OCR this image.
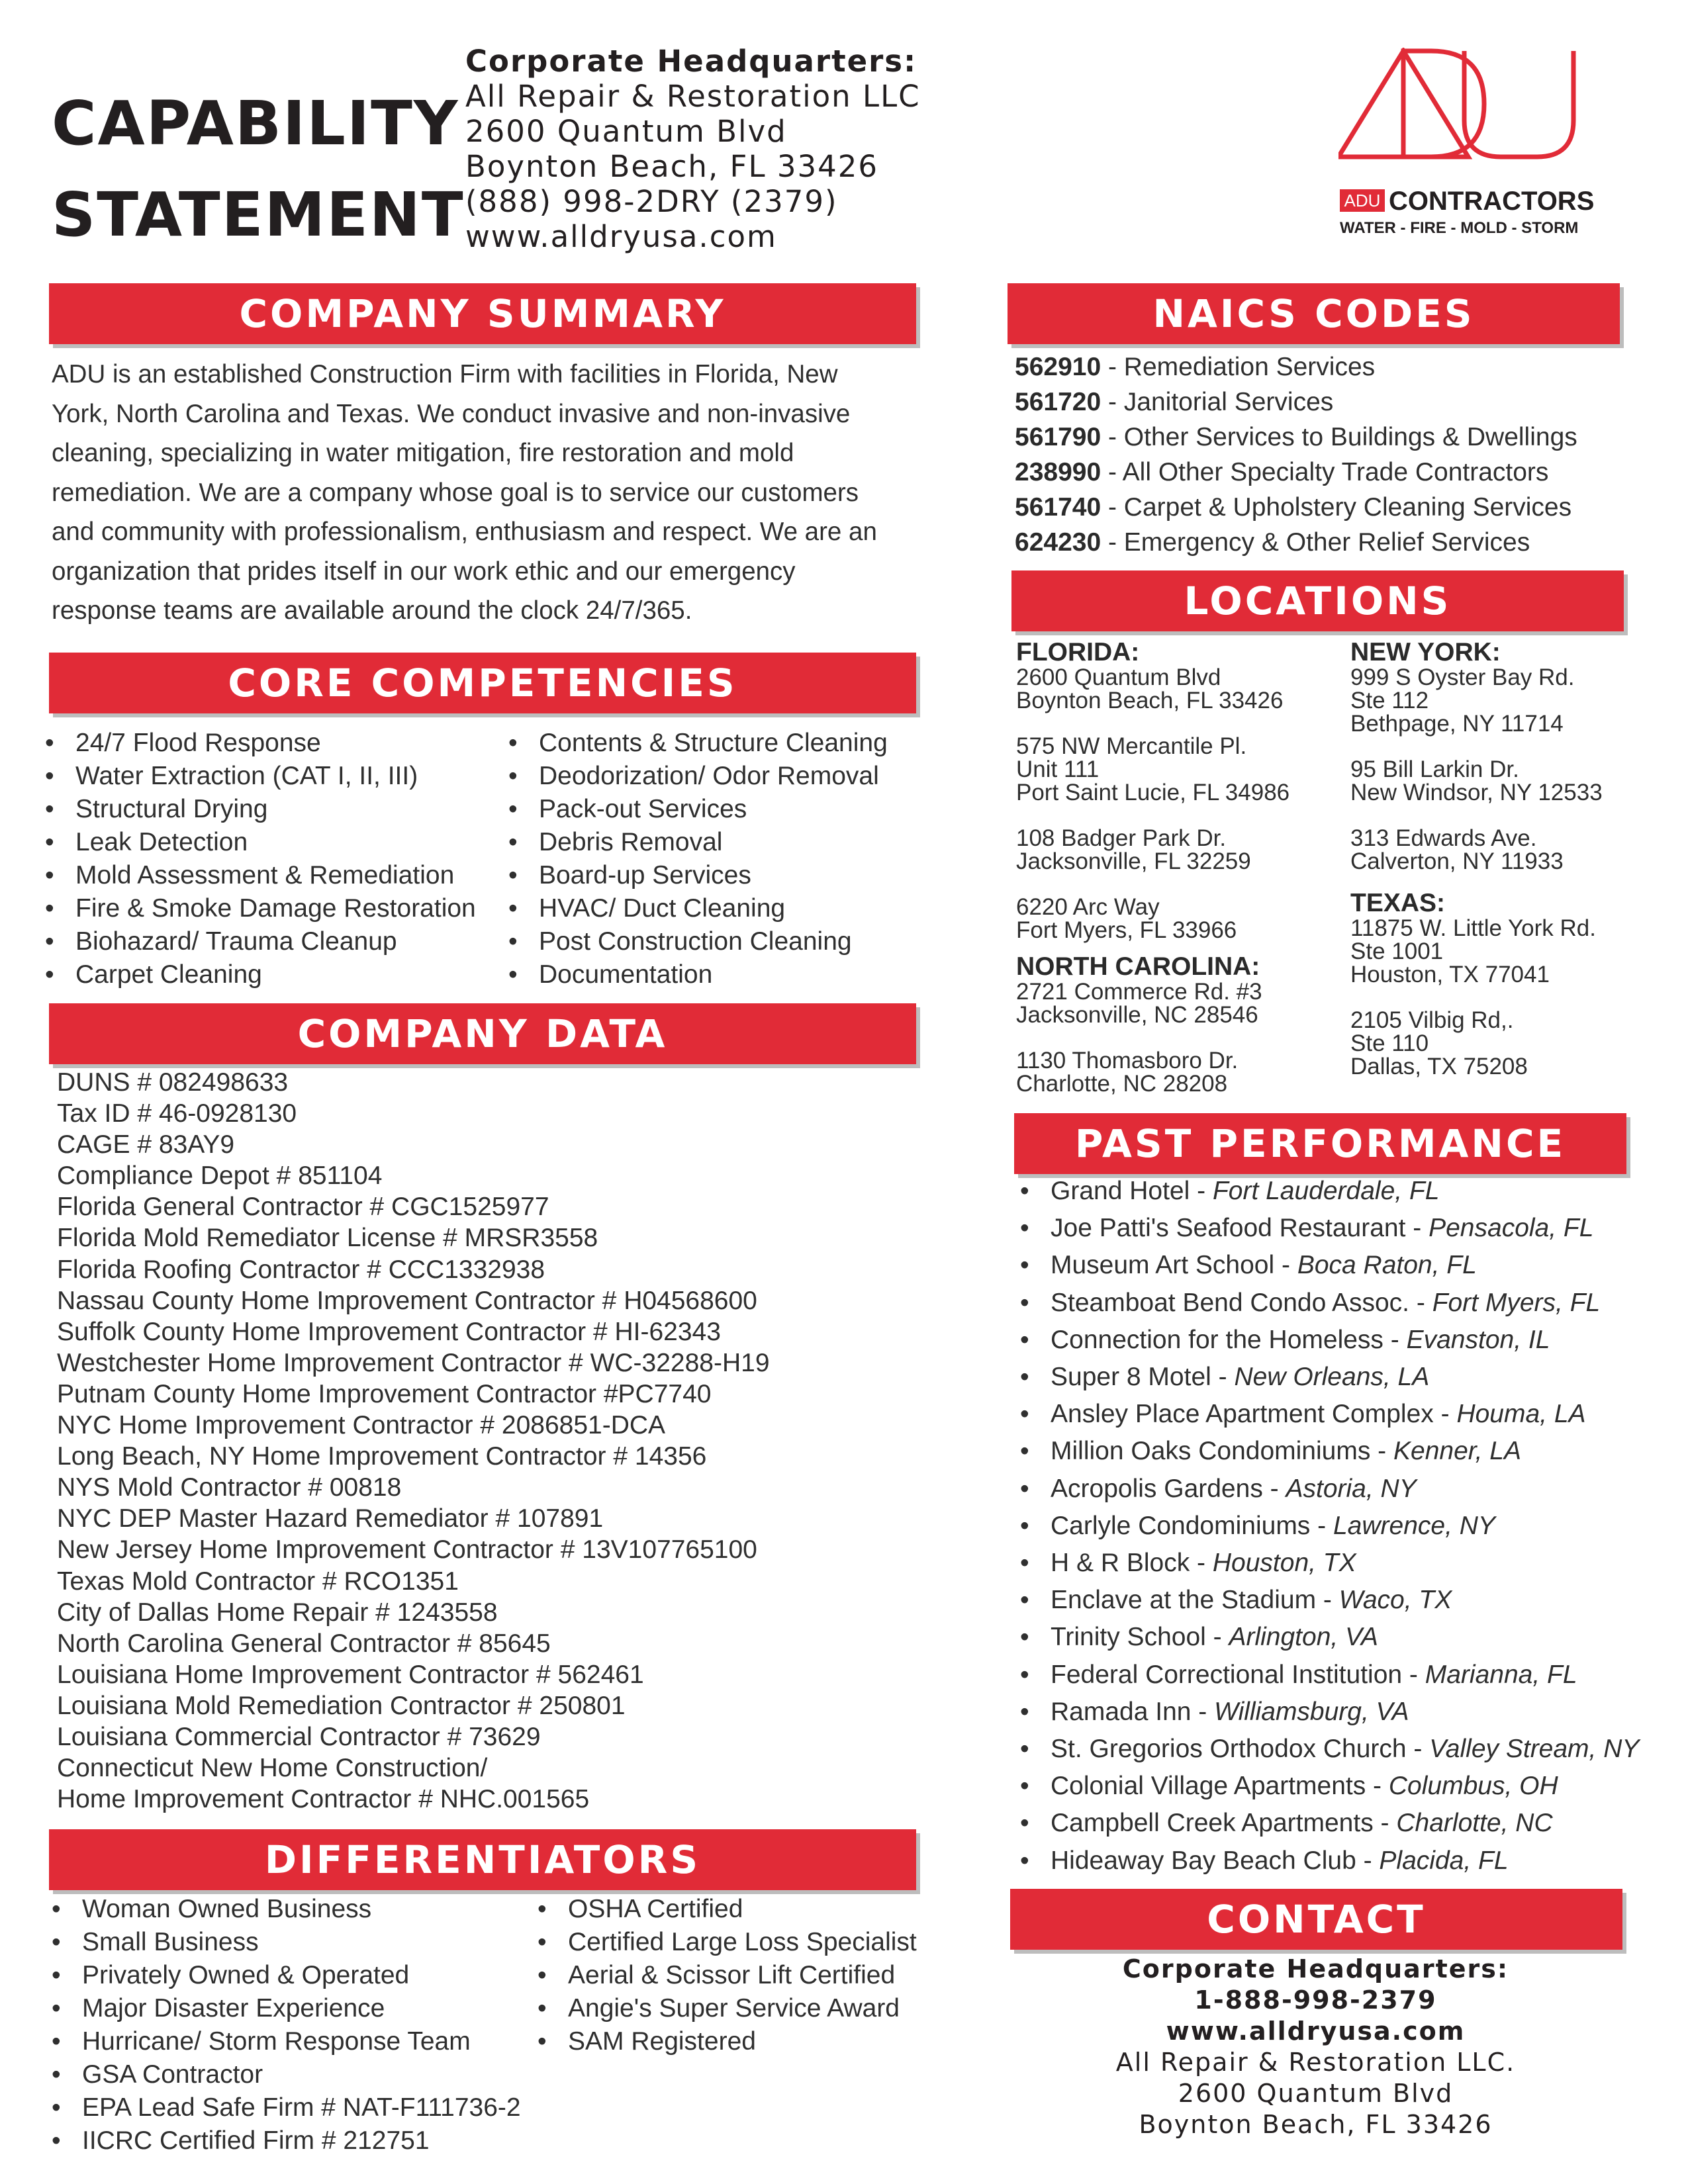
CAPABILITY
STATEMENT
Corporate Headquarters:
All Repair & Restoration LLC
2600 Quantum Blvd
Boynton Beach, FL 33426
(888) 998-2DRY (2379)
www.alldryusa.com
ADU CONTRACTORS
WATER - FIRE - MOLD - STORM
COMPANY SUMMARY
ADU is an established Construction Firm with facilities in Florida, New
York, North Carolina and Texas. We conduct invasive and non-invasive
cleaning, specializing in water mitigation, fire restoration and mold
remediation. We are a company whose goal is to service our customers
and community with professionalism, enthusiasm and respect. We are an
organization that prides itself in our work ethic and our emergency
response teams are available around the clock 24/7/365.
CORE COMPETENCIES
• 24/7 Flood Response
• Water Extraction (CAT I, II, III)
• Structural Drying
• Leak Detection
• Mold Assessment & Remediation
• Fire & Smoke Damage Restoration
• Biohazard/ Trauma Cleanup
• Carpet Cleaning
• Contents & Structure Cleaning
• Deodorization/ Odor Removal
• Pack-out Services
• Debris Removal
• Board-up Services
• HVAC/ Duct Cleaning
• Post Construction Cleaning
• Documentation
COMPANY DATA
DUNS # 082498633
Tax ID # 46-0928130
CAGE # 83AY9
Compliance Depot # 851104
Florida General Contractor # CGC1525977
Florida Mold Remediator License # MRSR3558
Florida Roofing Contractor # CCC1332938
Nassau County Home Improvement Contractor # H04568600
Suffolk County Home Improvement Contractor # HI-62343
Westchester Home Improvement Contractor # WC-32288-H19
Putnam County Home Improvement Contractor #PC7740
NYC Home Improvement Contractor # 2086851-DCA
Long Beach, NY Home Improvement Contractor # 14356
NYS Mold Contractor # 00818
NYC DEP Master Hazard Remediator # 107891
New Jersey Home Improvement Contractor # 13V107765100
Texas Mold Contractor # RCO1351
City of Dallas Home Repair # 1243558
North Carolina General Contractor # 85645
Louisiana Home Improvement Contractor # 562461
Louisiana Mold Remediation Contractor # 250801
Louisiana Commercial Contractor # 73629
Connecticut New Home Construction/
Home Improvement Contractor # NHC.001565
DIFFERENTIATORS
• Woman Owned Business
• Small Business
• Privately Owned & Operated
• Major Disaster Experience
• Hurricane/ Storm Response Team
• GSA Contractor
• EPA Lead Safe Firm # NAT-F111736-2
• IICRC Certified Firm # 212751
• OSHA Certified
• Certified Large Loss Specialist
• Aerial & Scissor Lift Certified
• Angie's Super Service Award
• SAM Registered
NAICS CODES
562910 - Remediation Services
561720 - Janitorial Services
561790 - Other Services to Buildings & Dwellings
238990 - All Other Specialty Trade Contractors
561740 - Carpet & Upholstery Cleaning Services
624230 - Emergency & Other Relief Services
LOCATIONS
FLORIDA:
2600 Quantum Blvd
Boynton Beach, FL 33426
575 NW Mercantile Pl.
Unit 111
Port Saint Lucie, FL 34986
108 Badger Park Dr.
Jacksonville, FL 32259
6220 Arc Way
Fort Myers, FL 33966
NORTH CAROLINA:
2721 Commerce Rd. #3
Jacksonville, NC 28546
1130 Thomasboro Dr.
Charlotte, NC 28208
NEW YORK:
999 S Oyster Bay Rd.
Ste 112
Bethpage, NY 11714
95 Bill Larkin Dr.
New Windsor, NY 12533
313 Edwards Ave.
Calverton, NY 11933
TEXAS:
11875 W. Little York Rd.
Ste 1001
Houston, TX 77041
2105 Vilbig Rd,.
Ste 110
Dallas, TX 75208
PAST PERFORMANCE
• Grand Hotel - Fort Lauderdale, FL
• Joe Patti's Seafood Restaurant - Pensacola, FL
• Museum Art School - Boca Raton, FL
• Steamboat Bend Condo Assoc. - Fort Myers, FL
• Connection for the Homeless - Evanston, IL
• Super 8 Motel - New Orleans, LA
• Ansley Place Apartment Complex - Houma, LA
• Million Oaks Condominiums - Kenner, LA
• Acropolis Gardens - Astoria, NY
• Carlyle Condominiums - Lawrence, NY
• H & R Block - Houston, TX
• Enclave at the Stadium - Waco, TX
• Trinity School - Arlington, VA
• Federal Correctional Institution - Marianna, FL
• Ramada Inn - Williamsburg, VA
• St. Gregorios Orthodox Church - Valley Stream, NY
• Colonial Village Apartments - Columbus, OH
• Campbell Creek Apartments - Charlotte, NC
• Hideaway Bay Beach Club - Placida, FL
CONTACT
Corporate Headquarters:
1-888-998-2379
www.alldryusa.com
All Repair & Restoration LLC.
2600 Quantum Blvd
Boynton Beach, FL 33426
